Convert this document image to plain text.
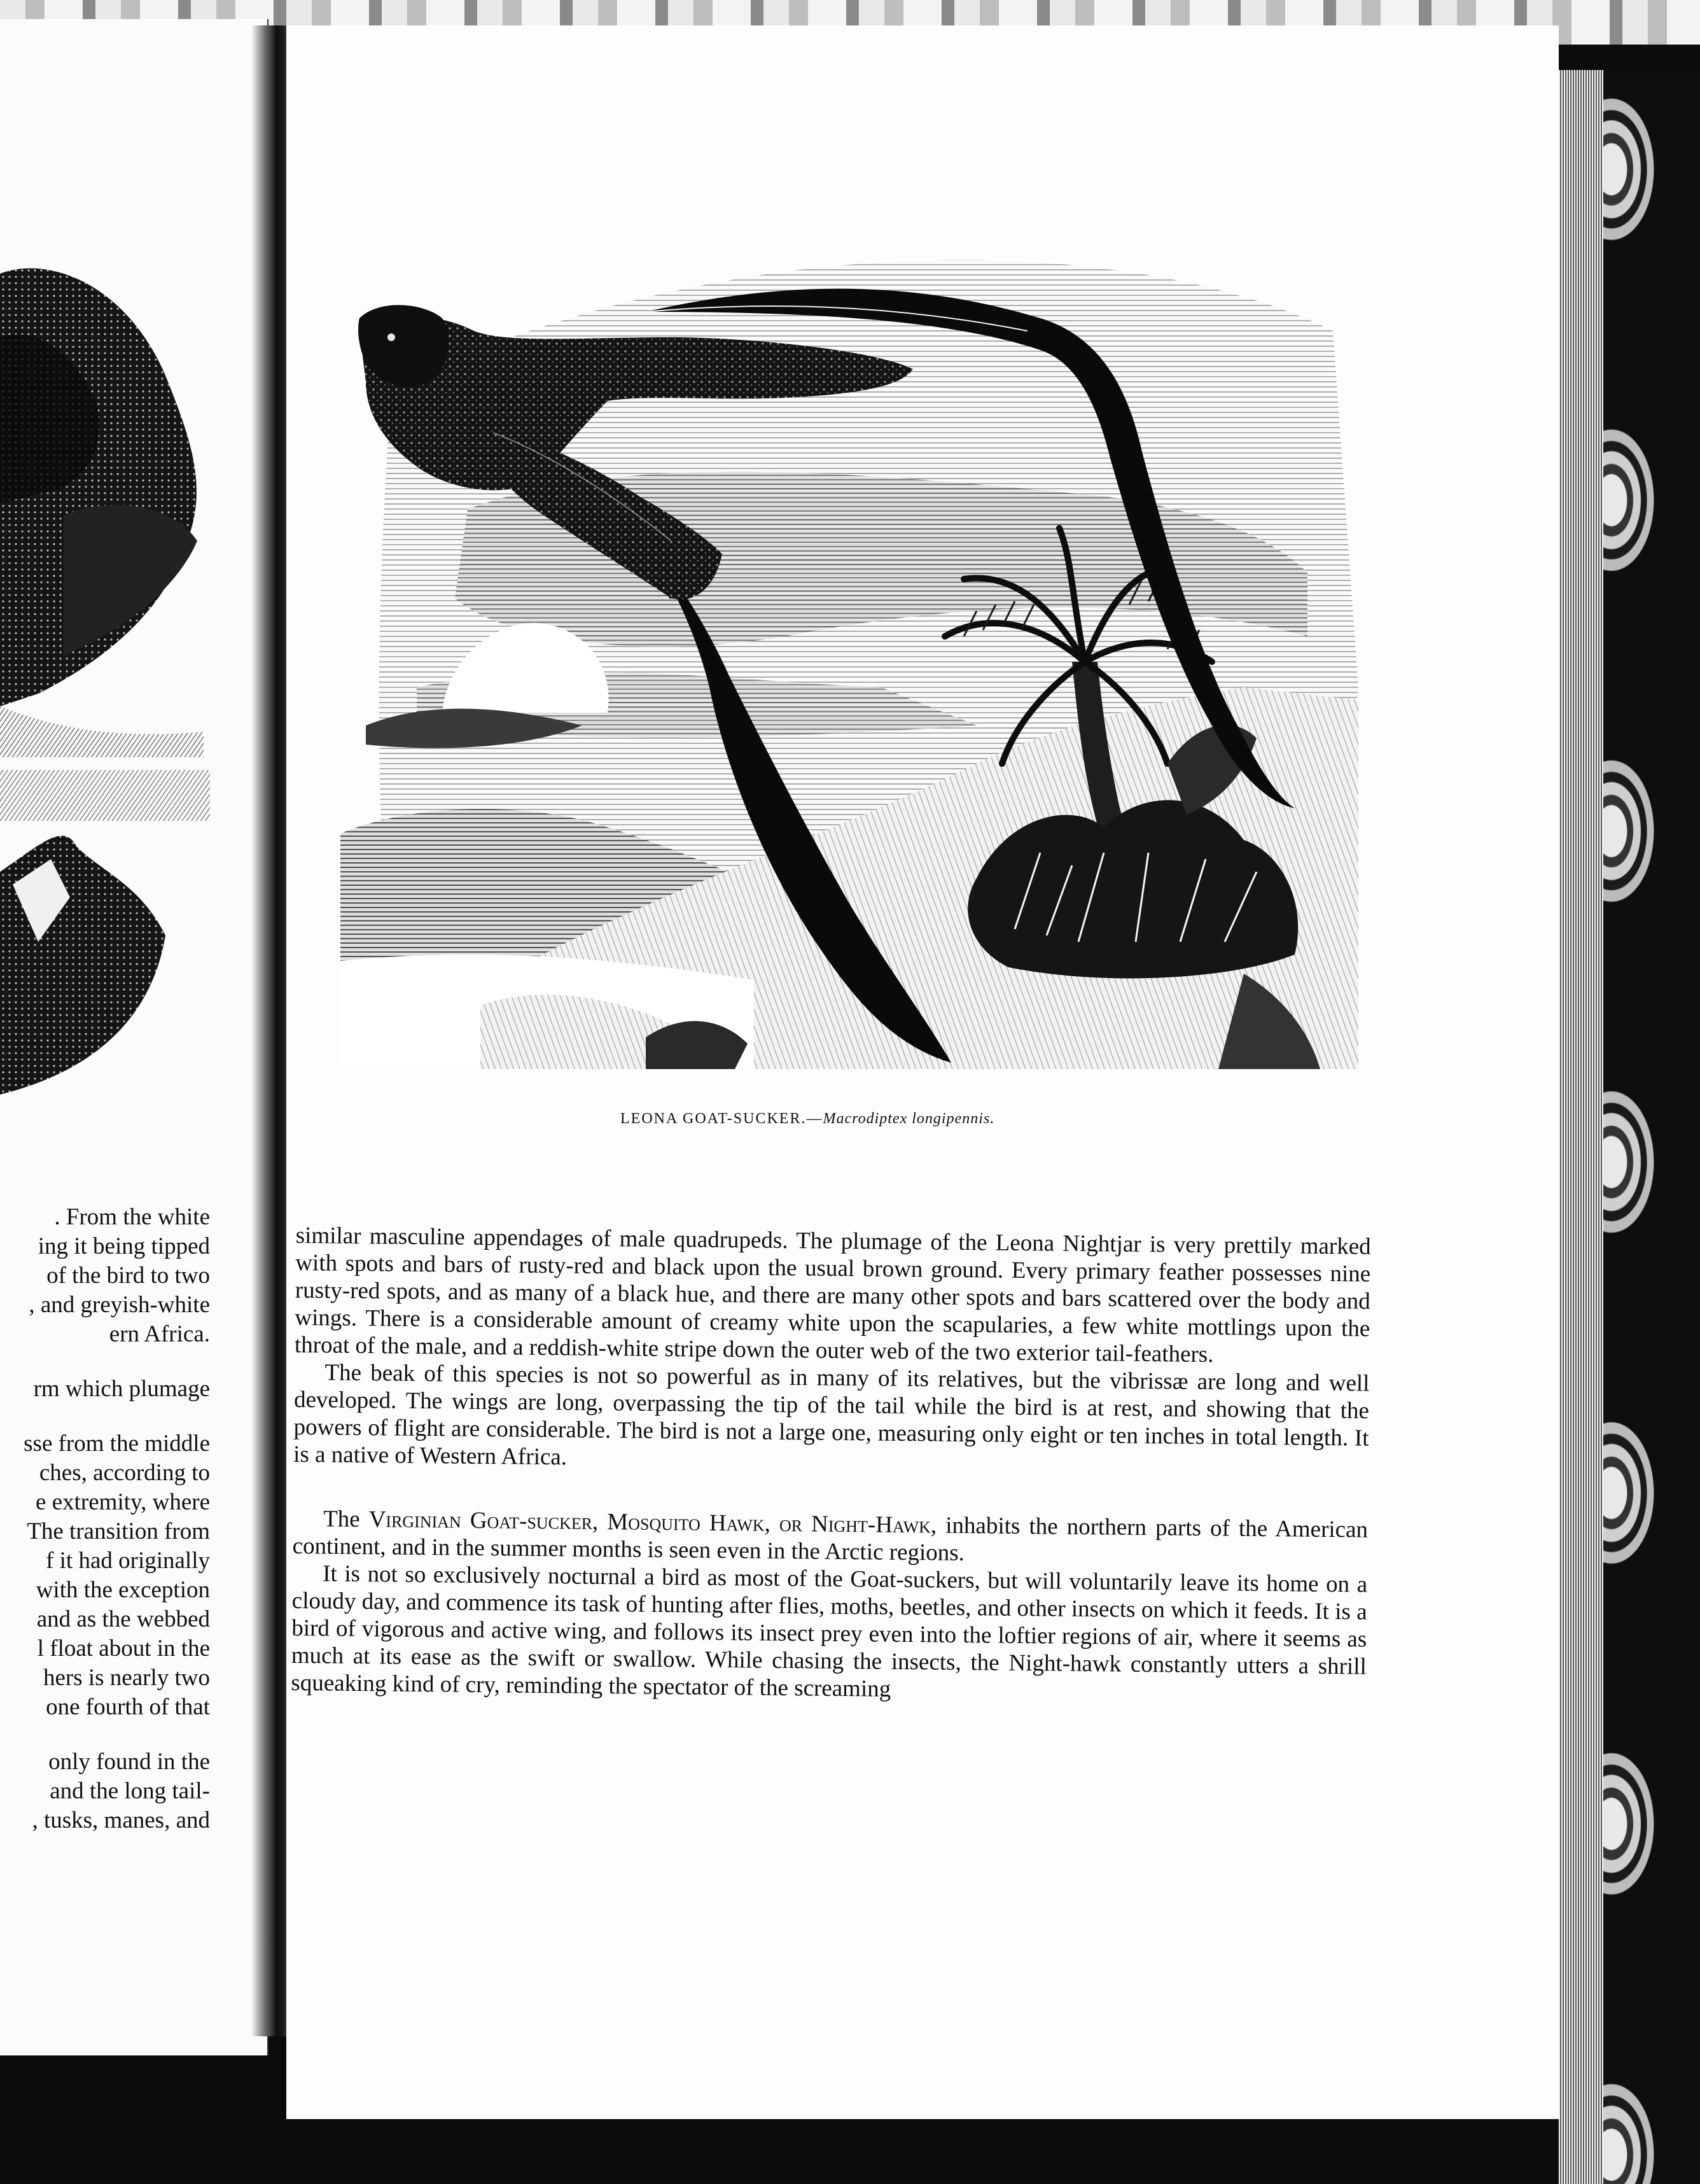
. From the white
ing it being tipped
of the bird to two
, and greyish-white
ern Africa.
rm which plumage
sse from the middle
ches, according to
e extremity, where
The transition from
f it had originally
with the exception
and as the webbed
l float about in the
hers is nearly two
one fourth of that
only found in the
and the long tail-
, tusks, manes, and
LEONA GOAT-SUCKER.—Macrodiptex longipennis.

similar masculine appendages of male quadrupeds. The plumage of the Leona Nightjar is very prettily marked with spots and bars of rusty-red and black upon the usual brown ground. Every primary feather possesses nine rusty-red spots, and as many of a black hue, and there are many other spots and bars scattered over the body and wings. There is a considerable amount of creamy white upon the scapularies, a few white mottlings upon the throat of the male, and a reddish-white stripe down the outer web of the two exterior tail-feathers.

The beak of this species is not so powerful as in many of its relatives, but the vibrissæ are long and well developed. The wings are long, overpassing the tip of the tail while the bird is at rest, and showing that the powers of flight are considerable. The bird is not a large one, measuring only eight or ten inches in total length. It is a native of Western Africa.

The Virginian Goat-sucker, Mosquito Hawk, or Night-Hawk, inhabits the northern parts of the American continent, and in the summer months is seen even in the Arctic regions.

It is not so exclusively nocturnal a bird as most of the Goat-suckers, but will voluntarily leave its home on a cloudy day, and commence its task of hunting after flies, moths, beetles, and other insects on which it feeds. It is a bird of vigorous and active wing, and follows its insect prey even into the loftier regions of air, where it seems as much at its ease as the swift or swallow. While chasing the insects, the Night-hawk constantly utters a shrill squeaking kind of cry, reminding the spectator of the screaming
